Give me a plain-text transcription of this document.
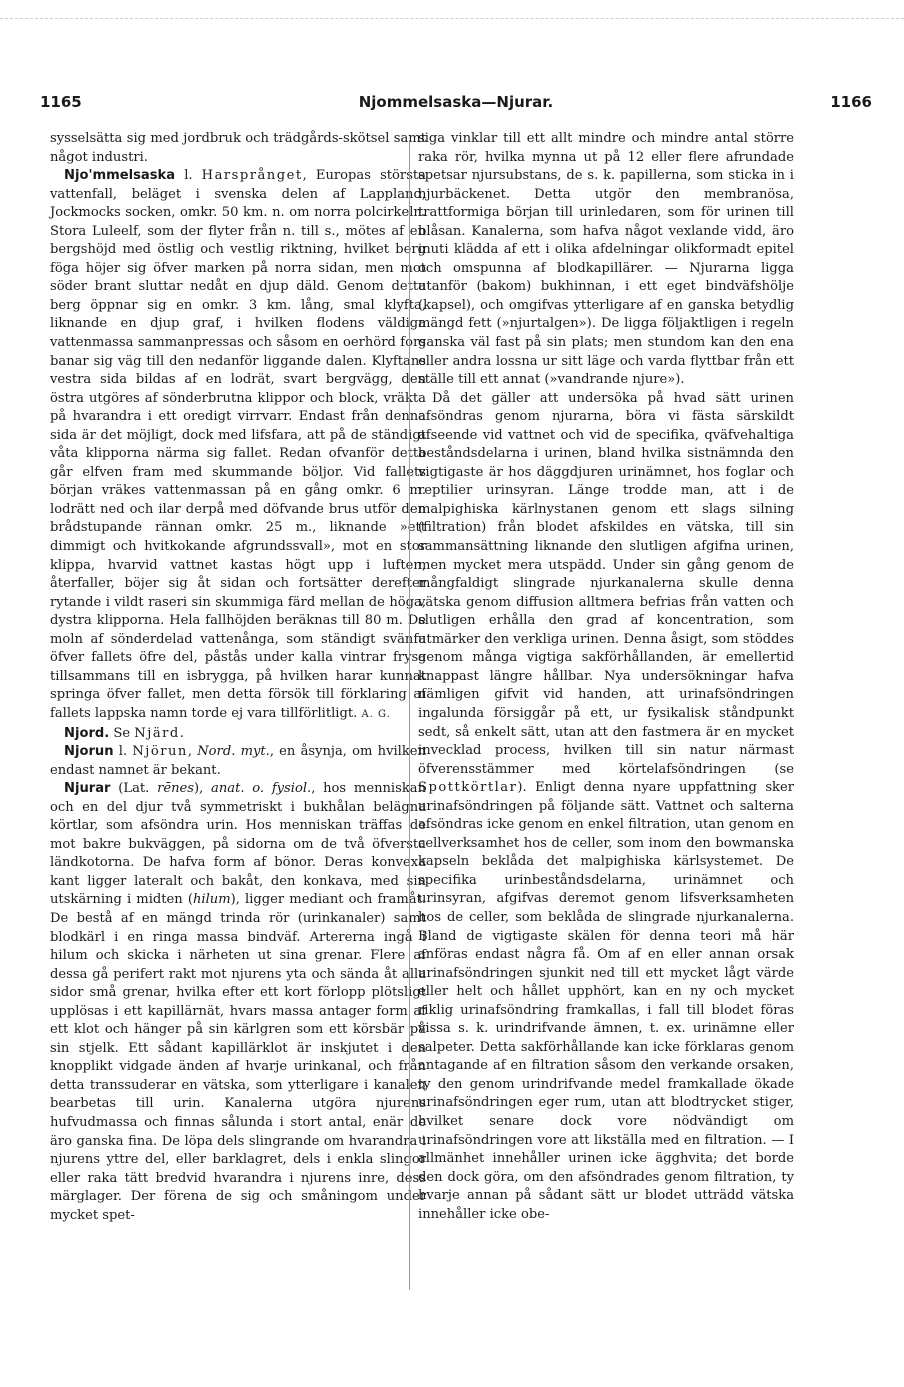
1165	Njommelsaska—Njurar.	1166

sysselsätta sig med jordbruk och trädgårds-skötsel samt något industri.

Njo'mmelsaska l. Harsprånget, Europas största vattenfall, beläget i svenska delen af Lappland, Jockmocks socken, omkr. 50 km. n. om norra polcirkeln. Stora Luleelf, som der flyter från n. till s., mötes af en bergshöjd med östlig och vestlig riktning, hvilket berg föga höjer sig öfver marken på norra sidan, men mot söder brant sluttar nedåt en djup däld. Genom detta berg öppnar sig en omkr. 3 km. lång, smal klyfta, liknande en djup graf, i hvilken flodens väldiga vattenmassa sammanpressas och såsom en oerhörd fors banar sig väg till den nedanför liggande dalen. Klyftans vestra sida bildas af en lodrät, svart bergvägg, den östra utgöres af sönderbrutna klippor och block, vräkta på hvarandra i ett oredigt virrvarr. Endast från denna sida är det möjligt, dock med lifsfara, att på de ständigt våta klipporna närma sig fallet. Redan ofvanför detta går elfven fram med skummande böljor. Vid fallets början vräkes vattenmassan på en gång omkr. 6 m. lodrätt ned och ilar derpå med döfvande brus utför den brådstupande rännan omkr. 25 m., liknande »ett dimmigt och hvitkokande afgrundssvall», mot en stor klippa, hvarvid vattnet kastas högt upp i luften, återfaller, böjer sig åt sidan och fortsätter derefter rytande i vildt raseri sin skummiga färd mellan de höga, dystra klipporna. Hela fallhöjden beräknas till 80 m. De moln af sönderdelad vattenånga, som ständigt svänfa öfver fallets öfre del, påstås under kalla vintrar frysa tillsammans till en isbrygga, på hvilken harar kunnat springa öfver fallet, men detta försök till förklaring af fallets lappska namn torde ej vara tillförlitligt. A. G.

Njord. Se Njärd.

Njorun l. Njörun, Nord. myt., en åsynja, om hvilken endast namnet är bekant.

Njurar (Lat. rēnes), anat. o. fysiol., hos menniskan och en del djur två symmetriskt i bukhålan belägna körtlar, som afsöndra urin. Hos menniskan träffas de mot bakre bukväggen, på sidorna om de två öfversta ländkotorna. De hafva form af bönor. Deras konvexa kant ligger lateralt och bakåt, den konkava, med sin utskärning i midten (hilum), ligger mediant och framåt. De bestå af en mängd trinda rör (urinkanaler) samt blodkärl i en ringa massa bindväf. Artererna ingå i hilum och skicka i närheten ut sina grenar. Flere af dessa gå perifert rakt mot njurens yta och sända åt alla sidor små grenar, hvilka efter ett kort förlopp plötsligt upplösas i ett kapillärnät, hvars massa antager form af ett klot och hänger på sin kärlgren som ett körsbär på sin stjelk. Ett sådant kapillärklot är inskjutet i den knopplikt vidgade änden af hvarje urinkanal, och från detta transsuderar en vätska, som ytterligare i kanalen bearbetas till urin. Kanalerna utgöra njurens hufvudmassa och finnas sålunda i stort antal, enär de äro ganska fina. De löpa dels slingrande om hvarandra i njurens yttre del, eller barklagret, dels i enkla slingor eller raka tätt bredvid hvarandra i njurens inre, dess märglager. Der förena de sig och småningom under mycket spet-

siga vinklar till ett allt mindre och mindre antal större raka rör, hvilka mynna ut på 12 eller flere afrundade spetsar njursubstans, de s. k. papillerna, som sticka in i njurbäckenet. Detta utgör den membranösa, trattformiga början till urinledaren, som för urinen till blåsan. Kanalerna, som hafva något vexlande vidd, äro inuti klädda af ett i olika afdelningar olikformadt epitel och omspunna af blodkapillärer. — Njurarna ligga utanför (bakom) bukhinnan, i ett eget bindväfshölje (kapsel), och omgifvas ytterligare af en ganska betydlig mängd fett (»njurtalgen»). De ligga följaktligen i regeln ganska väl fast på sin plats; men stundom kan den ena eller andra lossna ur sitt läge och varda flyttbar från ett ställe till ett annat (»vandrande njure»).

Då det gäller att undersöka på hvad sätt urinen afsöndras genom njurarna, böra vi fästa särskildt afseende vid vattnet och vid de specifika, qväfvehaltiga beståndsdelarna i urinen, bland hvilka sistnämnda den vigtigaste är hos däggdjuren urinämnet, hos foglar och reptilier urinsyran. Länge trodde man, att i de malpighiska kärlnystanen genom ett slags silning (filtration) från blodet afskildes en vätska, till sin sammansättning liknande den slutligen afgifna urinen, men mycket mera utspädd. Under sin gång genom de mångfaldigt slingrade njurkanalerna skulle denna vätska genom diffusion alltmera befrias från vatten och slutligen erhålla den grad af koncentration, som utmärker den verkliga urinen. Denna åsigt, som stöddes genom många vigtiga sakförhållanden, är emellertid knappast längre hållbar. Nya undersökningar hafva nämligen gifvit vid handen, att urinafsöndringen ingalunda försiggår på ett, ur fysikalisk ståndpunkt sedt, så enkelt sätt, utan att den fastmera är en mycket invecklad process, hvilken till sin natur närmast öfverensstämmer med körtelafsöndringen (se Spottkörtlar). Enligt denna nyare uppfattning sker urinafsöndringen på följande sätt. Vattnet och salterna afsöndras icke genom en enkel filtration, utan genom en cellverksamhet hos de celler, som inom den bowmanska kapseln beklåda det malpighiska kärlsystemet. De specifika urinbeståndsdelarna, urinämnet och urinsyran, afgifvas deremot genom lifsverksamheten hos de celler, som beklåda de slingrade njurkanalerna. Bland de vigtigaste skälen för denna teori må här anföras endast några få. Om af en eller annan orsak urinafsöndringen sjunkit ned till ett mycket lågt värde eller helt och hållet upphört, kan en ny och mycket riklig urinafsöndring framkallas, i fall till blodet föras vissa s. k. urindrifvande ämnen, t. ex. urinämne eller salpeter. Detta sakförhållande kan icke förklaras genom antagande af en filtration såsom den verkande orsaken, ty den genom urindrifvande medel framkallade ökade urinafsöndringen eger rum, utan att blodtrycket stiger, hvilket senare dock vore nödvändigt om urinafsöndringen vore att likställa med en filtration. — I allmänhet innehåller urinen icke ägghvita; det borde den dock göra, om den afsöndrades genom filtration, ty hvarje annan på sådant sätt ur blodet utträdd vätska innehåller icke obe-
